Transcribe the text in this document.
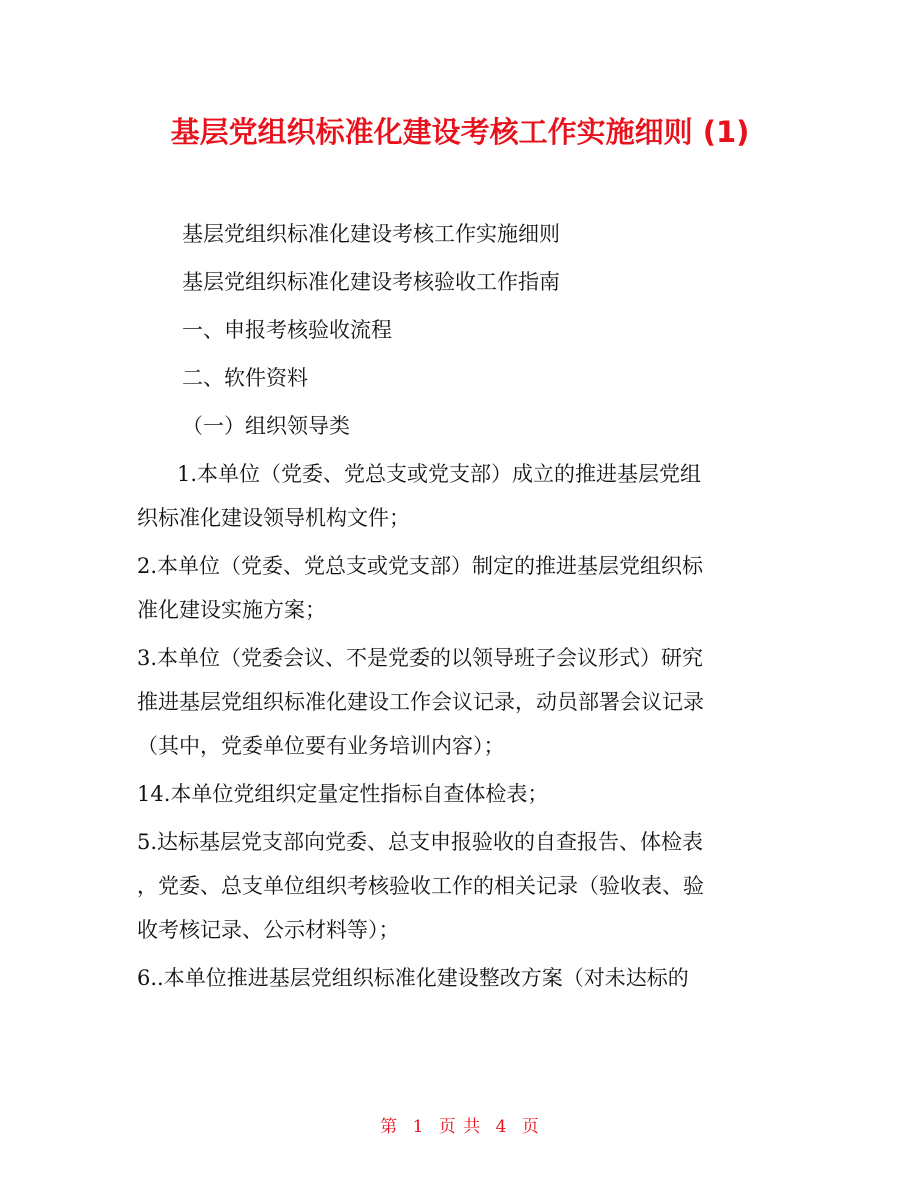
基层党组织标准化建设考核工作实施细则 (1)
基层党组织标准化建设考核工作实施细则
基层党组织标准化建设考核验收工作指南
一、申报考核验收流程
二、软件资料
（一）组织领导类
1.本单位（党委、党总支或党支部）成立的推进基层党组
织标准化建设领导机构文件；
2.本单位（党委、党总支或党支部）制定的推进基层党组织标
准化建设实施方案；
3.本单位（党委会议、不是党委的以领导班子会议形式）研究
推进基层党组织标准化建设工作会议记录，动员部署会议记录
（其中，党委单位要有业务培训内容）；
14.本单位党组织定量定性指标自查体检表；
5.达标基层党支部向党委、总支申报验收的自查报告、体检表
，党委、总支单位组织考核验收工作的相关记录（验收表、验
收考核记录、公示材料等）；
6..本单位推进基层党组织标准化建设整改方案（对未达标的
第 1 页 共 4 页
